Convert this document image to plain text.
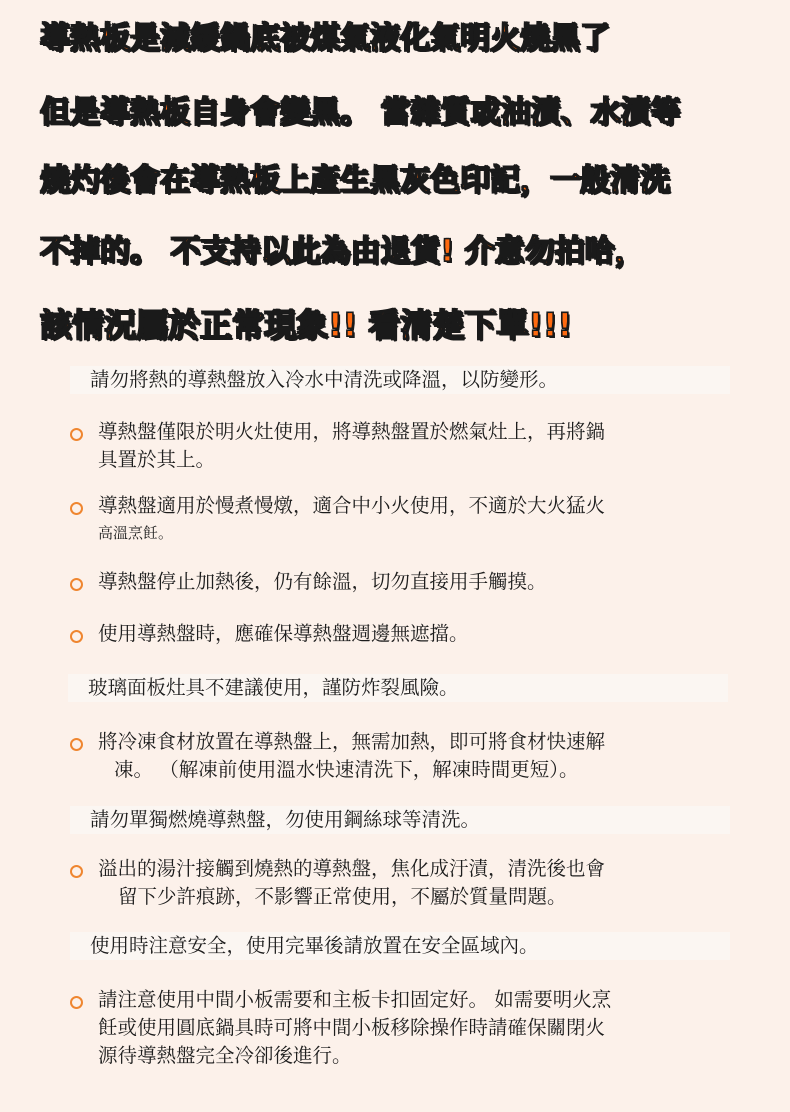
導熱板是減緩鍋底被煤氣液化氣明火燒黑了
但是導熱板自身會變黑。 當雜質或油漬、水漬等
燒灼後會在導熱板上產生黑灰色印記，一般清洗
不掉的。 不支持以此為由退貨! 介意勿拍哈，
該情況屬於正常現象!! 看清楚下單!!!
請勿將熱的導熱盤放入冷水中清洗或降溫，以防變形。
導熱盤僅限於明火灶使用，將導熱盤置於燃氣灶上，再將鍋
具置於其上。
導熱盤適用於慢煮慢燉，適合中小火使用，不適於大火猛火
高溫烹飪。
導熱盤停止加熱後，仍有餘溫，切勿直接用手觸摸。
使用導熱盤時，應確保導熱盤週邊無遮擋。
玻璃面板灶具不建議使用，謹防炸裂風險。
將冷凍食材放置在導熱盤上，無需加熱，即可將食材快速解
凍。 （解凍前使用溫水快速清洗下，解凍時間更短）。
請勿單獨燃燒導熱盤，勿使用鋼絲球等清洗。
溢出的湯汁接觸到燒熱的導熱盤，焦化成汙漬，清洗後也會
留下少許痕跡，不影響正常使用，不屬於質量問題。
使用時注意安全，使用完畢後請放置在安全區域內。
請注意使用中間小板需要和主板卡扣固定好。 如需要明火烹
飪或使用圓底鍋具時可將中間小板移除操作時請確保關閉火
源待導熱盤完全冷卻後進行。
